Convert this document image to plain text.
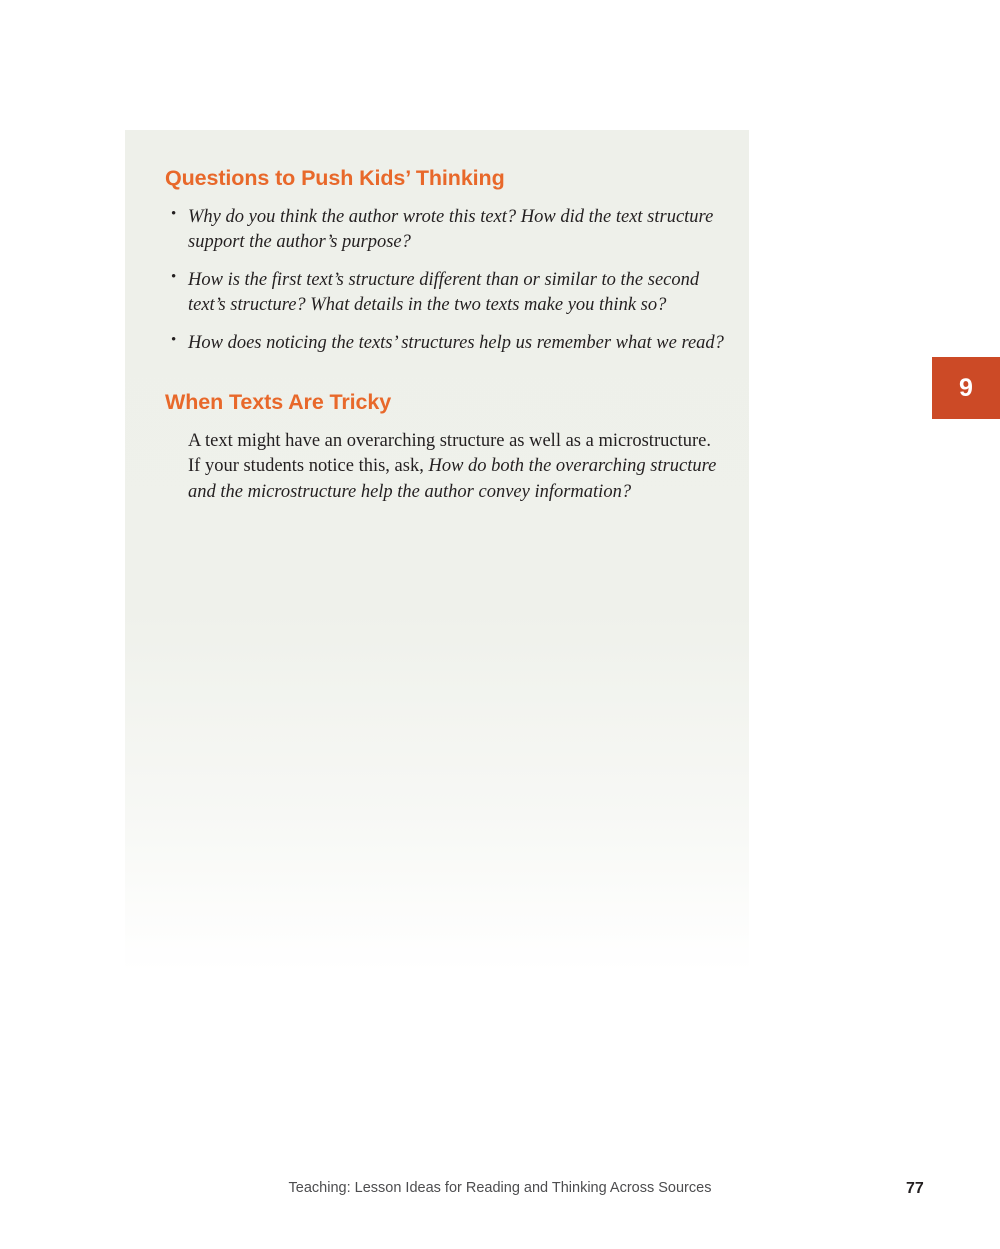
Questions to Push Kids’ Thinking
• Why do you think the author wrote this text? How did the text structure support the author’s purpose?
• How is the first text’s structure different than or similar to the second text’s structure? What details in the two texts make you think so?
• How does noticing the texts’ structures help us remember what we read?
When Texts Are Tricky

A text might have an overarching structure as well as a microstructure. If your students notice this, ask, How do both the overarching structure and the microstructure help the author convey information?

9
Teaching: Lesson Ideas for Reading and Thinking Across Sources	77
